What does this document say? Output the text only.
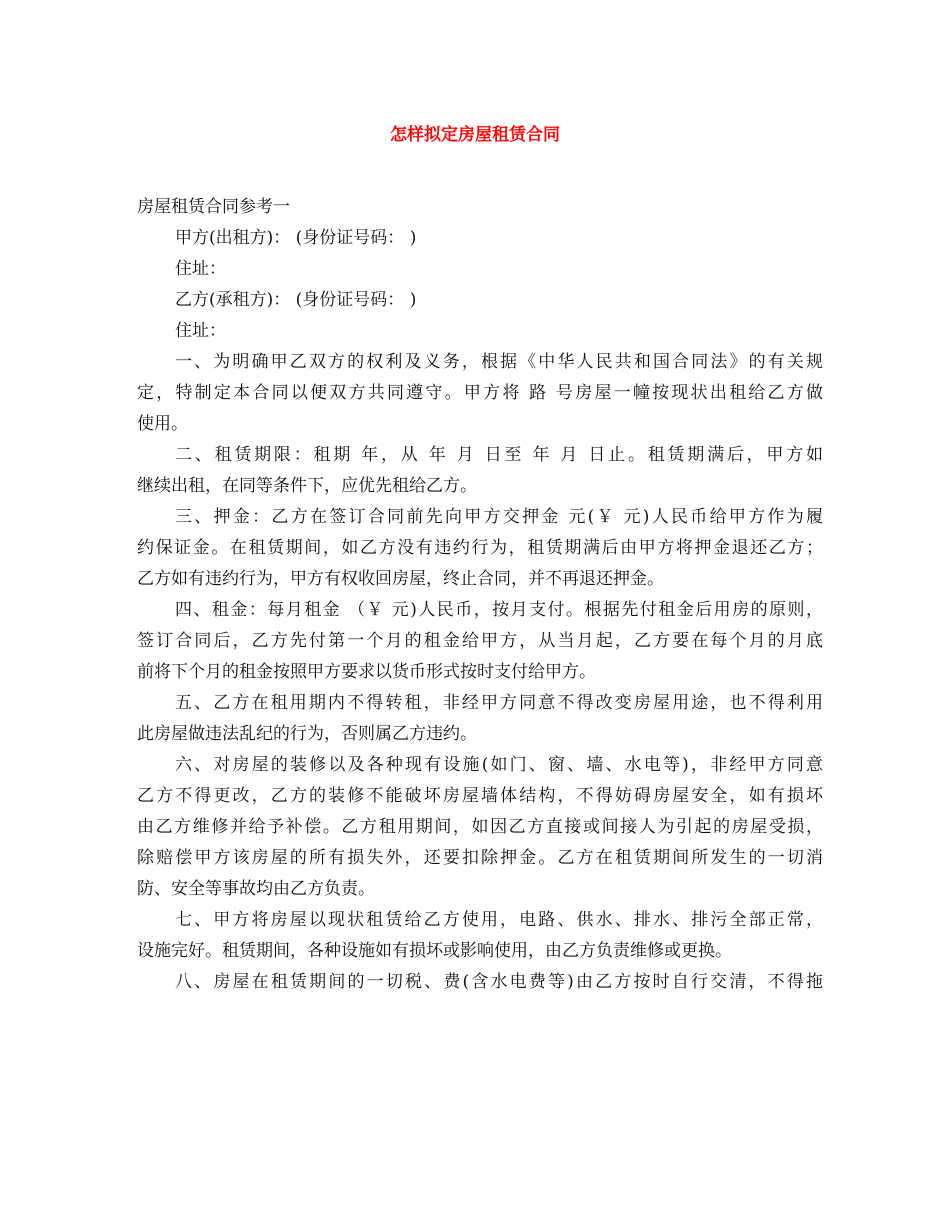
怎样拟定房屋租赁合同
房屋租赁合同参考一
甲方(出租方)： (身份证号码： )
住址：
乙方(承租方)： (身份证号码： )
住址：
一、为明确甲乙双方的权利及义务，根据《中华人民共和国合同法》的有关规
定，特制定本合同以便双方共同遵守。甲方将 路 号房屋一幢按现状出租给乙方做
使用。
二、租赁期限：租期 年，从 年 月 日至 年 月 日止。租赁期满后，甲方如
继续出租，在同等条件下，应优先租给乙方。
三、押金：乙方在签订合同前先向甲方交押金 元(￥ 元)人民币给甲方作为履
约保证金。在租赁期间，如乙方没有违约行为，租赁期满后由甲方将押金退还乙方；
乙方如有违约行为，甲方有权收回房屋，终止合同，并不再退还押金。
四、租金：每月租金 （￥ 元)人民币，按月支付。根据先付租金后用房的原则，
签订合同后，乙方先付第一个月的租金给甲方，从当月起，乙方要在每个月的月底
前将下个月的租金按照甲方要求以货币形式按时支付给甲方。
五、乙方在租用期内不得转租，非经甲方同意不得改变房屋用途，也不得利用
此房屋做违法乱纪的行为，否则属乙方违约。
六、对房屋的装修以及各种现有设施(如门、窗、墙、水电等)，非经甲方同意
乙方不得更改，乙方的装修不能破坏房屋墙体结构，不得妨碍房屋安全，如有损坏
由乙方维修并给予补偿。乙方租用期间，如因乙方直接或间接人为引起的房屋受损，
除赔偿甲方该房屋的所有损失外，还要扣除押金。乙方在租赁期间所发生的一切消
防、安全等事故均由乙方负责。
七、甲方将房屋以现状租赁给乙方使用，电路、供水、排水、排污全部正常，
设施完好。租赁期间，各种设施如有损坏或影响使用，由乙方负责维修或更换。
八、房屋在租赁期间的一切税、费(含水电费等)由乙方按时自行交清，不得拖
